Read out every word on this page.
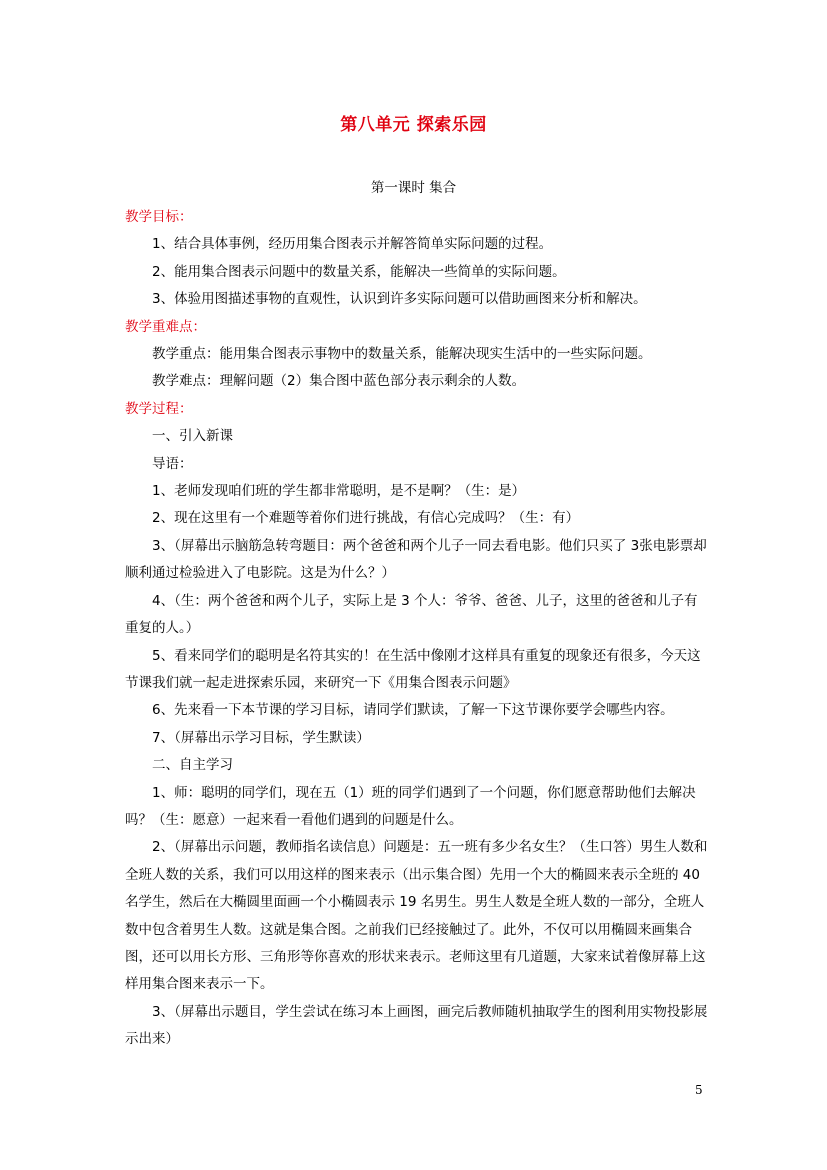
第八单元 探索乐园
第一课时 集合

教学目标：

1、结合具体事例，经历用集合图表示并解答简单实际问题的过程。

2、能用集合图表示问题中的数量关系，能解决一些简单的实际问题。

3、体验用图描述事物的直观性，认识到许多实际问题可以借助画图来分析和解决。

教学重难点：

教学重点：能用集合图表示事物中的数量关系，能解决现实生活中的一些实际问题。

教学难点：理解问题（2）集合图中蓝色部分表示剩余的人数。

教学过程：

一、引入新课

导语：

1、老师发现咱们班的学生都非常聪明，是不是啊？（生：是）

2、现在这里有一个难题等着你们进行挑战，有信心完成吗？（生：有）

3、（屏幕出示脑筋急转弯题目：两个爸爸和两个儿子一同去看电影。他们只买了 3张电影票却顺利通过检验进入了电影院。这是为什么？）

4、（生：两个爸爸和两个儿子，实际上是 3 个人：爷爷、爸爸、儿子，这里的爸爸和儿子有重复的人。）

5、看来同学们的聪明是名符其实的！在生活中像刚才这样具有重复的现象还有很多，今天这节课我们就一起走进探索乐园，来研究一下《用集合图表示问题》

6、先来看一下本节课的学习目标，请同学们默读，了解一下这节课你要学会哪些内容。

7、（屏幕出示学习目标，学生默读）

二、自主学习

1、师：聪明的同学们，现在五（1）班的同学们遇到了一个问题，你们愿意帮助他们去解决吗？（生：愿意）一起来看一看他们遇到的问题是什么。

2、（屏幕出示问题，教师指名读信息）问题是：五一班有多少名女生？（生口答）男生人数和全班人数的关系，我们可以用这样的图来表示（出示集合图）先用一个大的椭圆来表示全班的 40 名学生，然后在大椭圆里面画一个小椭圆表示 19 名男生。男生人数是全班人数的一部分，全班人数中包含着男生人数。这就是集合图。之前我们已经接触过了。此外，不仅可以用椭圆来画集合图，还可以用长方形、三角形等你喜欢的形状来表示。老师这里有几道题，大家来试着像屏幕上这样用集合图来表示一下。

3、（屏幕出示题目，学生尝试在练习本上画图，画完后教师随机抽取学生的图利用实物投影展示出来）

5
